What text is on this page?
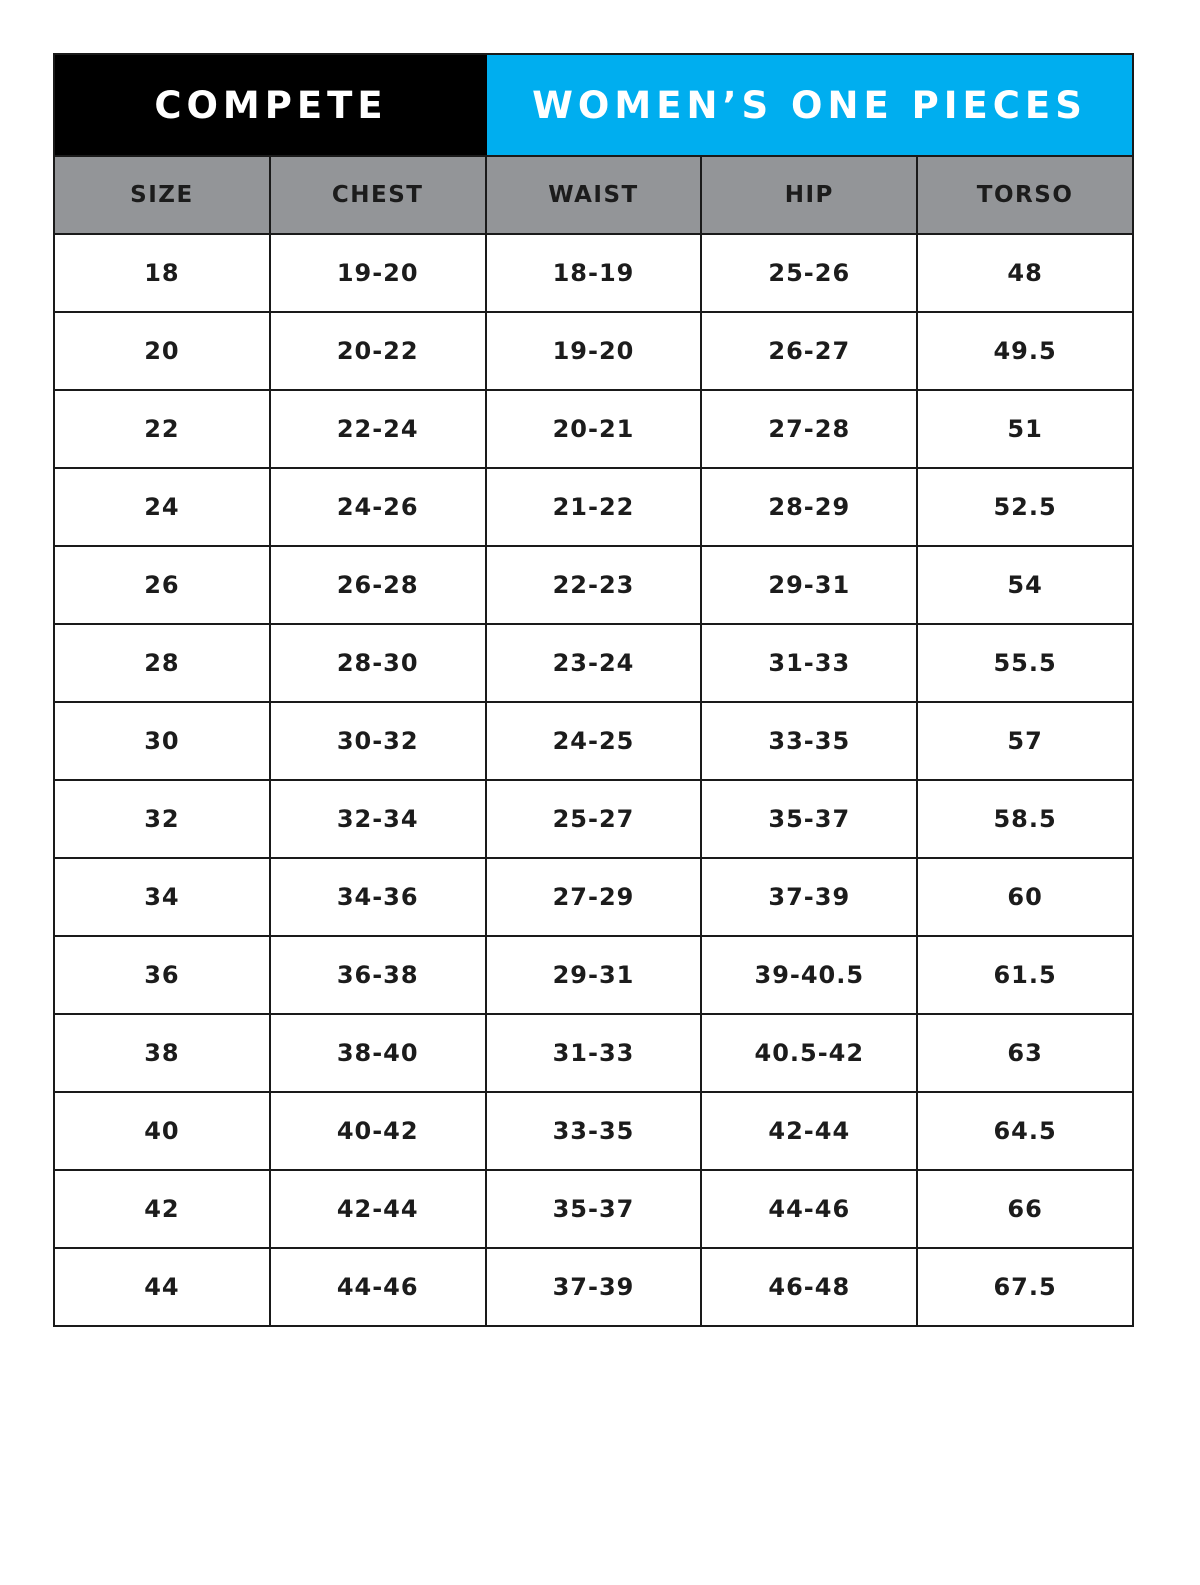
COMPETE	WOMEN’S ONE PIECES
SIZE	CHEST	WAIST	HIP	TORSO
18	19-20	18-19	25-26	48
20	20-22	19-20	26-27	49.5
22	22-24	20-21	27-28	51
24	24-26	21-22	28-29	52.5
26	26-28	22-23	29-31	54
28	28-30	23-24	31-33	55.5
30	30-32	24-25	33-35	57
32	32-34	25-27	35-37	58.5
34	34-36	27-29	37-39	60
36	36-38	29-31	39-40.5	61.5
38	38-40	31-33	40.5-42	63
40	40-42	33-35	42-44	64.5
42	42-44	35-37	44-46	66
44	44-46	37-39	46-48	67.5
